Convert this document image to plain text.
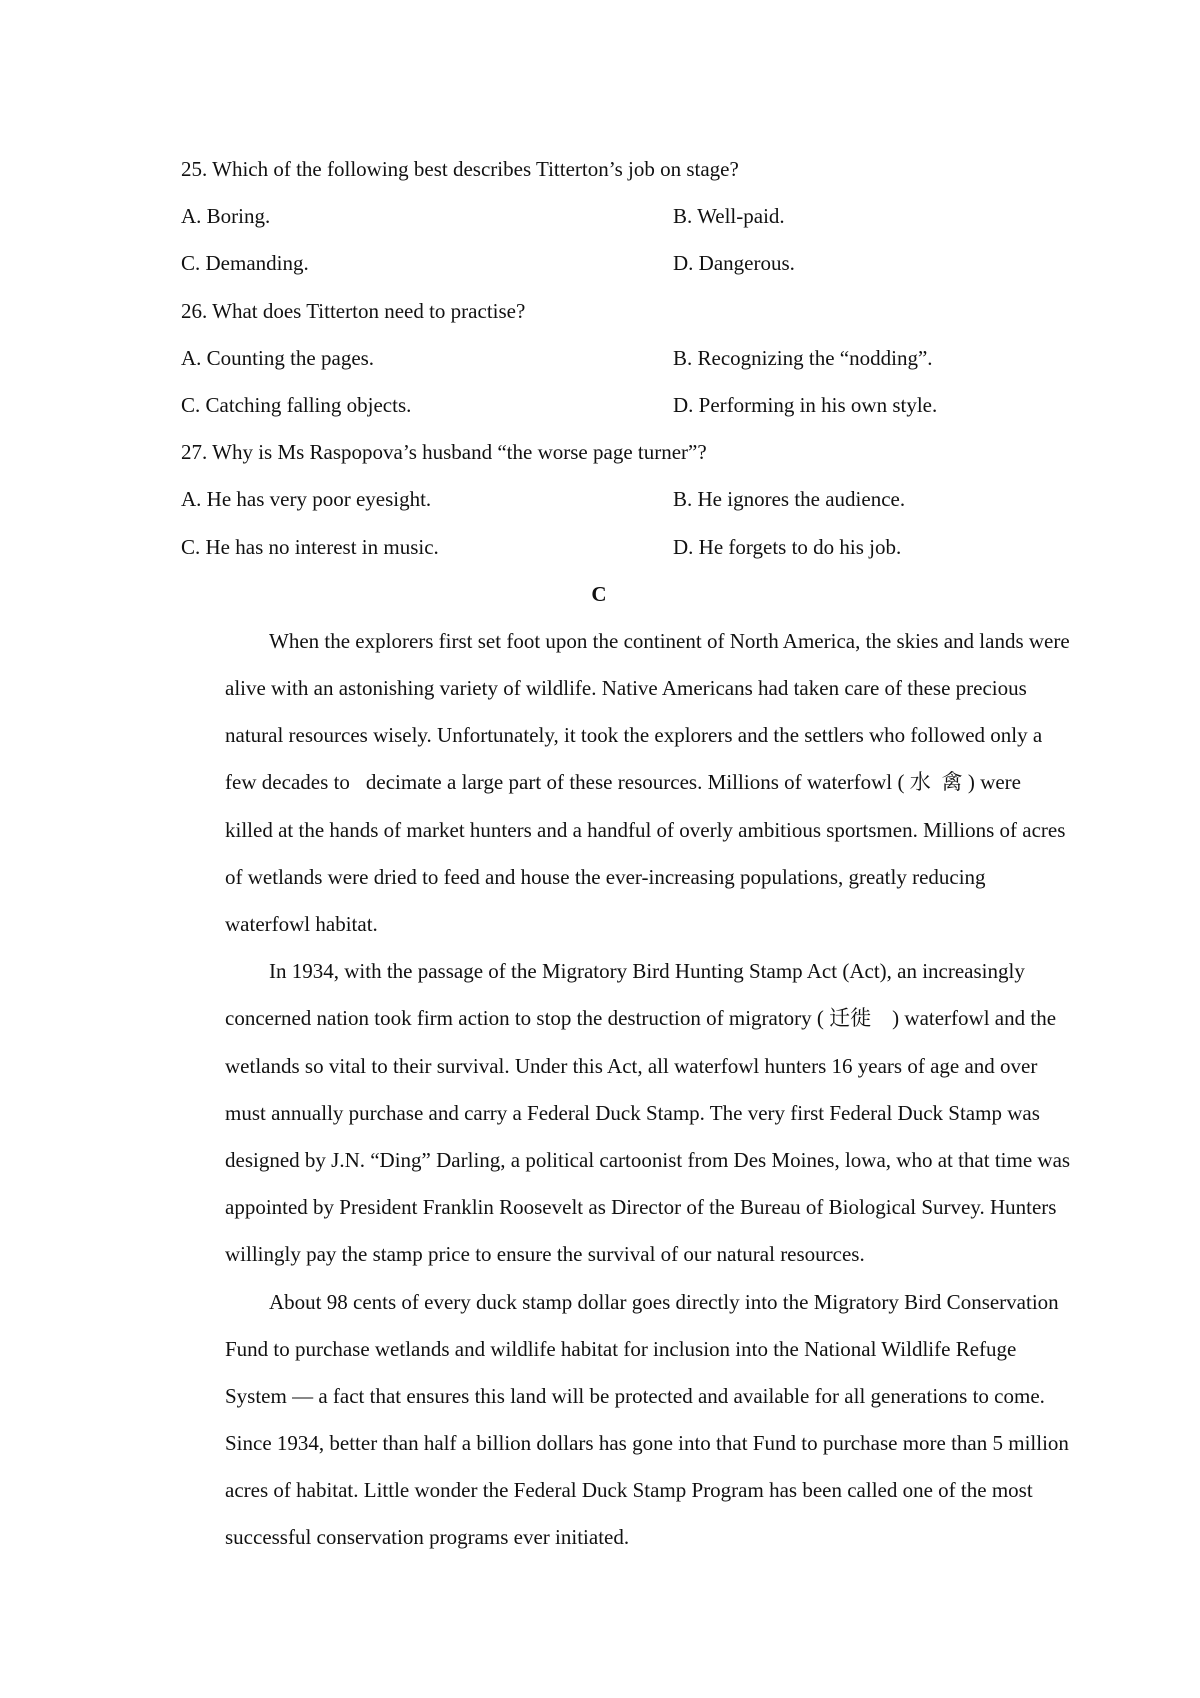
25. Which of the following best describes Titterton’s job on stage?
A. Boring.	B. Well-paid.
C. Demanding.	D. Dangerous.
26. What does Titterton need to practise?
A. Counting the pages.	B. Recognizing the “nodding”.
C. Catching falling objects.	D. Performing in his own style.
27. Why is Ms Raspopova’s husband “the worse page turner”?
A. He has very poor eyesight.	B. He ignores the audience.
C. He has no interest in music.	D. He forgets to do his job.
C
When the explorers first set foot upon the continent of North America, the skies and lands were
alive with an astonishing variety of wildlife. Native Americans had taken care of these precious
natural resources wisely. Unfortunately, it took the explorers and the settlers who followed only a
few decades to   decimate a large part of these resources. Millions of waterfowl ( 水  禽 ) were
killed at the hands of market hunters and a handful of overly ambitious sportsmen. Millions of acres
of wetlands were dried to feed and house the ever-increasing populations, greatly reducing
waterfowl habitat.
In 1934, with the passage of the Migratory Bird Hunting Stamp Act (Act), an increasingly
concerned nation took firm action to stop the destruction of migratory ( 迁徙    ) waterfowl and the
wetlands so vital to their survival. Under this Act, all waterfowl hunters 16 years of age and over
must annually purchase and carry a Federal Duck Stamp. The very first Federal Duck Stamp was
designed by J.N. “Ding” Darling, a political cartoonist from Des Moines, lowa, who at that time was
appointed by President Franklin Roosevelt as Director of the Bureau of Biological Survey. Hunters
willingly pay the stamp price to ensure the survival of our natural resources.
About 98 cents of every duck stamp dollar goes directly into the Migratory Bird Conservation
Fund to purchase wetlands and wildlife habitat for inclusion into the National Wildlife Refuge
System — a fact that ensures this land will be protected and available for all generations to come.
Since 1934, better than half a billion dollars has gone into that Fund to purchase more than 5 million
acres of habitat. Little wonder the Federal Duck Stamp Program has been called one of the most
successful conservation programs ever initiated.
